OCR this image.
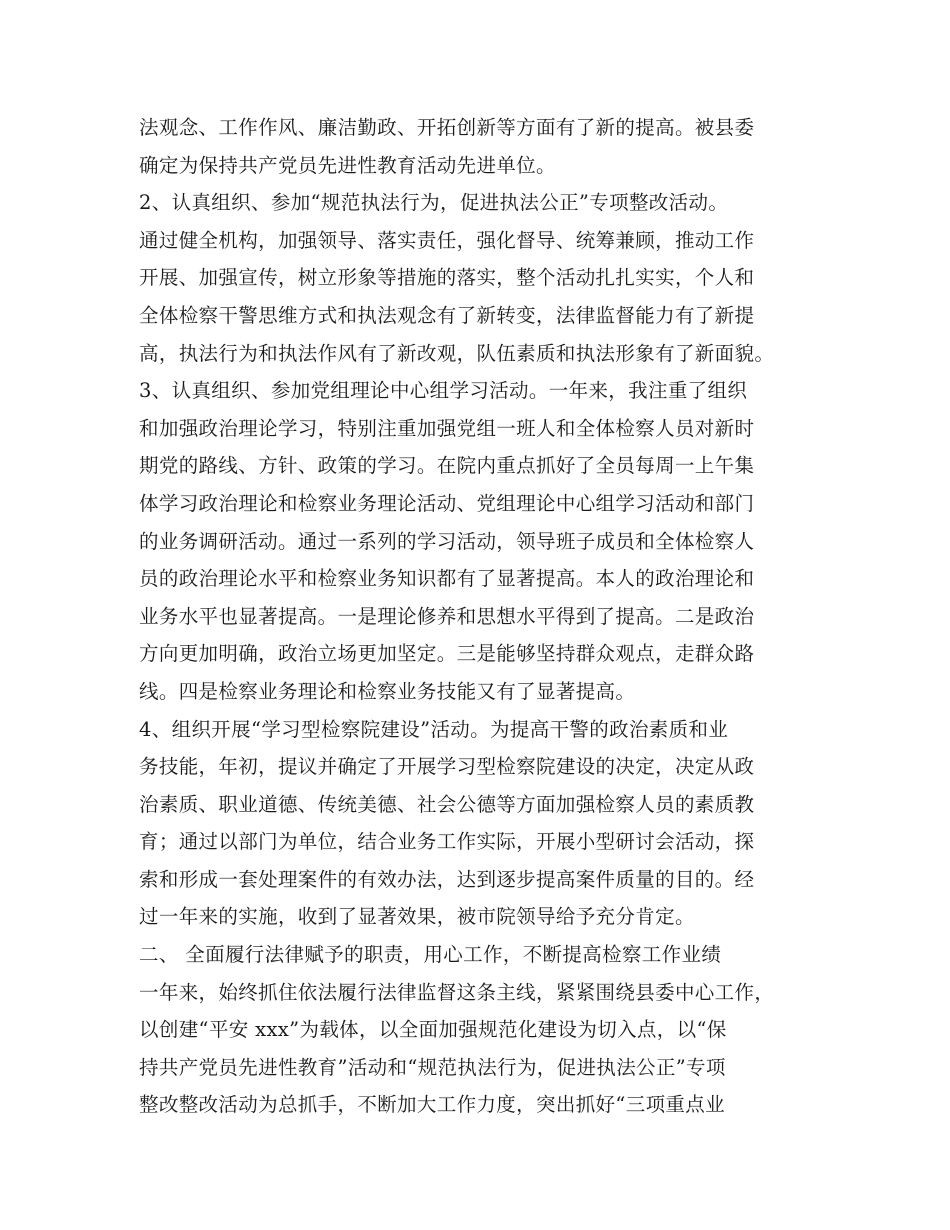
法观念、工作作风、廉洁勤政、开拓创新等方面有了新的提高。被县委
确定为保持共产党员先进性教育活动先进单位。
2、认真组织、参加“规范执法行为，促进执法公正”专项整改活动。
通过健全机构，加强领导、落实责任，强化督导、统筹兼顾，推动工作
开展、加强宣传，树立形象等措施的落实，整个活动扎扎实实，个人和
全体检察干警思维方式和执法观念有了新转变，法律监督能力有了新提
高，执法行为和执法作风有了新改观，队伍素质和执法形象有了新面貌。
3、认真组织、参加党组理论中心组学习活动。一年来，我注重了组织
和加强政治理论学习，特别注重加强党组一班人和全体检察人员对新时
期党的路线、方针、政策的学习。在院内重点抓好了全员每周一上午集
体学习政治理论和检察业务理论活动、党组理论中心组学习活动和部门
的业务调研活动。通过一系列的学习活动，领导班子成员和全体检察人
员的政治理论水平和检察业务知识都有了显著提高。本人的政治理论和
业务水平也显著提高。一是理论修养和思想水平得到了提高。二是政治
方向更加明确，政治立场更加坚定。三是能够坚持群众观点，走群众路
线。四是检察业务理论和检察业务技能又有了显著提高。
4、组织开展“学习型检察院建设”活动。为提高干警的政治素质和业
务技能，年初，提议并确定了开展学习型检察院建设的决定，决定从政
治素质、职业道德、传统美德、社会公德等方面加强检察人员的素质教
育；通过以部门为单位，结合业务工作实际，开展小型研讨会活动，探
索和形成一套处理案件的有效办法，达到逐步提高案件质量的目的。经
过一年来的实施，收到了显著效果，被市院领导给予充分肯定。
二、 全面履行法律赋予的职责，用心工作，不断提高检察工作业绩
一年来，始终抓住依法履行法律监督这条主线，紧紧围绕县委中心工作，
以创建“平安 xxx”为载体，以全面加强规范化建设为切入点，以“保
持共产党员先进性教育”活动和“规范执法行为，促进执法公正”专项
整改整改活动为总抓手，不断加大工作力度，突出抓好“三项重点业
